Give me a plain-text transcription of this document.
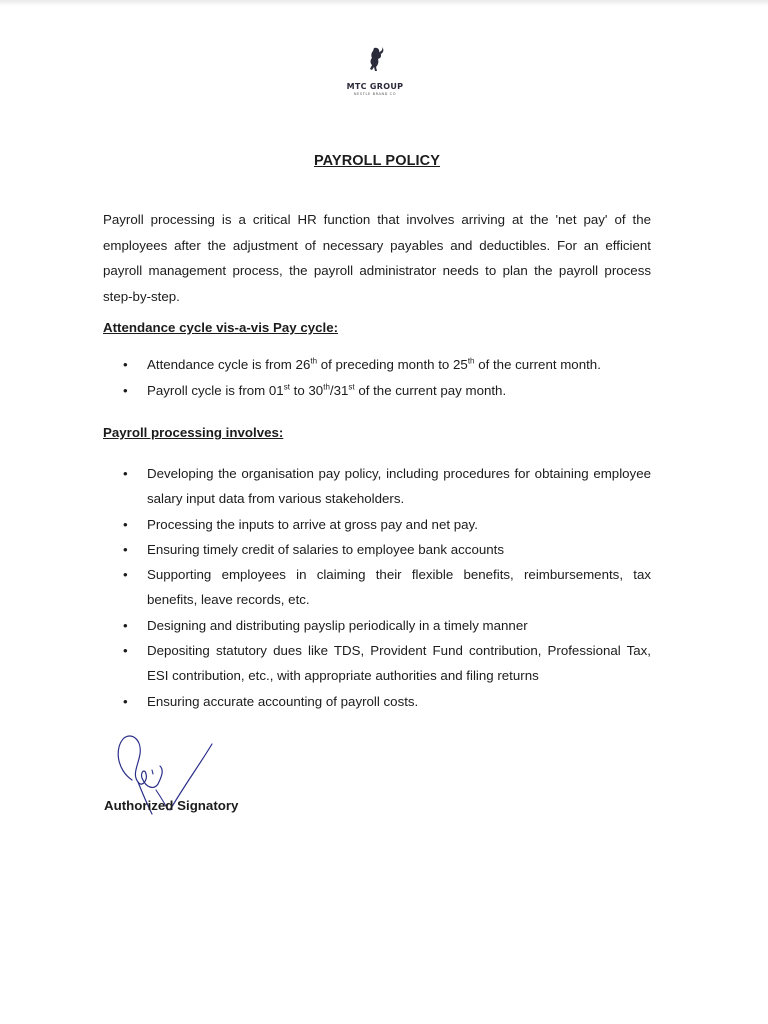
MTC GROUP
NESTLE BRAND CO
PAYROLL POLICY

Payroll processing is a critical HR function that involves arriving at the 'net pay' of the employees after the adjustment of necessary payables and deductibles. For an efficient payroll management process, the payroll administrator needs to plan the payroll process step-by-step.

Attendance cycle vis-a-vis Pay cycle:

• Attendance cycle is from 26th of preceding month to 25th of the current month.
• Payroll cycle is from 01st to 30th/31st of the current pay month.

Payroll processing involves:

• Developing the organisation pay policy, including procedures for obtaining employee salary input data from various stakeholders.
• Processing the inputs to arrive at gross pay and net pay.
• Ensuring timely credit of salaries to employee bank accounts
• Supporting employees in claiming their flexible benefits, reimbursements, tax benefits, leave records, etc.
• Designing and distributing payslip periodically in a timely manner
• Depositing statutory dues like TDS, Provident Fund contribution, Professional Tax, ESI contribution, etc., with appropriate authorities and filing returns
• Ensuring accurate accounting of payroll costs.

Authorized Signatory
